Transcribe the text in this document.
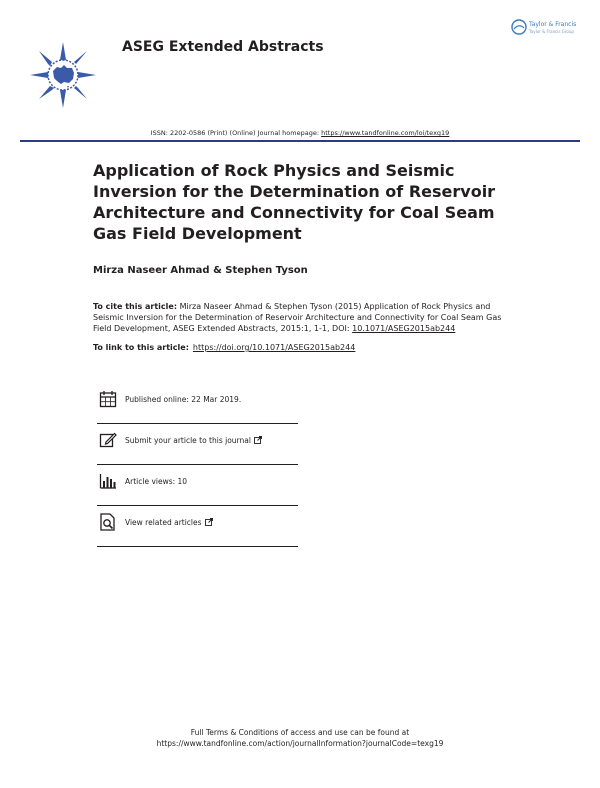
ASEG Extended Abstracts
Taylor & Francis
Taylor & Francis Group
ISSN: 2202-0586 (Print) (Online) Journal homepage: https://www.tandfonline.com/loi/texg19
Application of Rock Physics and Seismic Inversion for the Determination of Reservoir Architecture and Connectivity for Coal Seam Gas Field Development
Mirza Naseer Ahmad & Stephen Tyson
To cite this article: Mirza Naseer Ahmad & Stephen Tyson (2015) Application of Rock Physics and Seismic Inversion for the Determination of Reservoir Architecture and Connectivity for Coal Seam Gas Field Development, ASEG Extended Abstracts, 2015:1, 1-1, DOI: 10.1071/ASEG2015ab244
To link to this article: https://doi.org/10.1071/ASEG2015ab244
Published online: 22 Mar 2019.
Submit your article to this journal
Article views: 10
View related articles
Full Terms & Conditions of access and use can be found at
https://www.tandfonline.com/action/journalInformation?journalCode=texg19
